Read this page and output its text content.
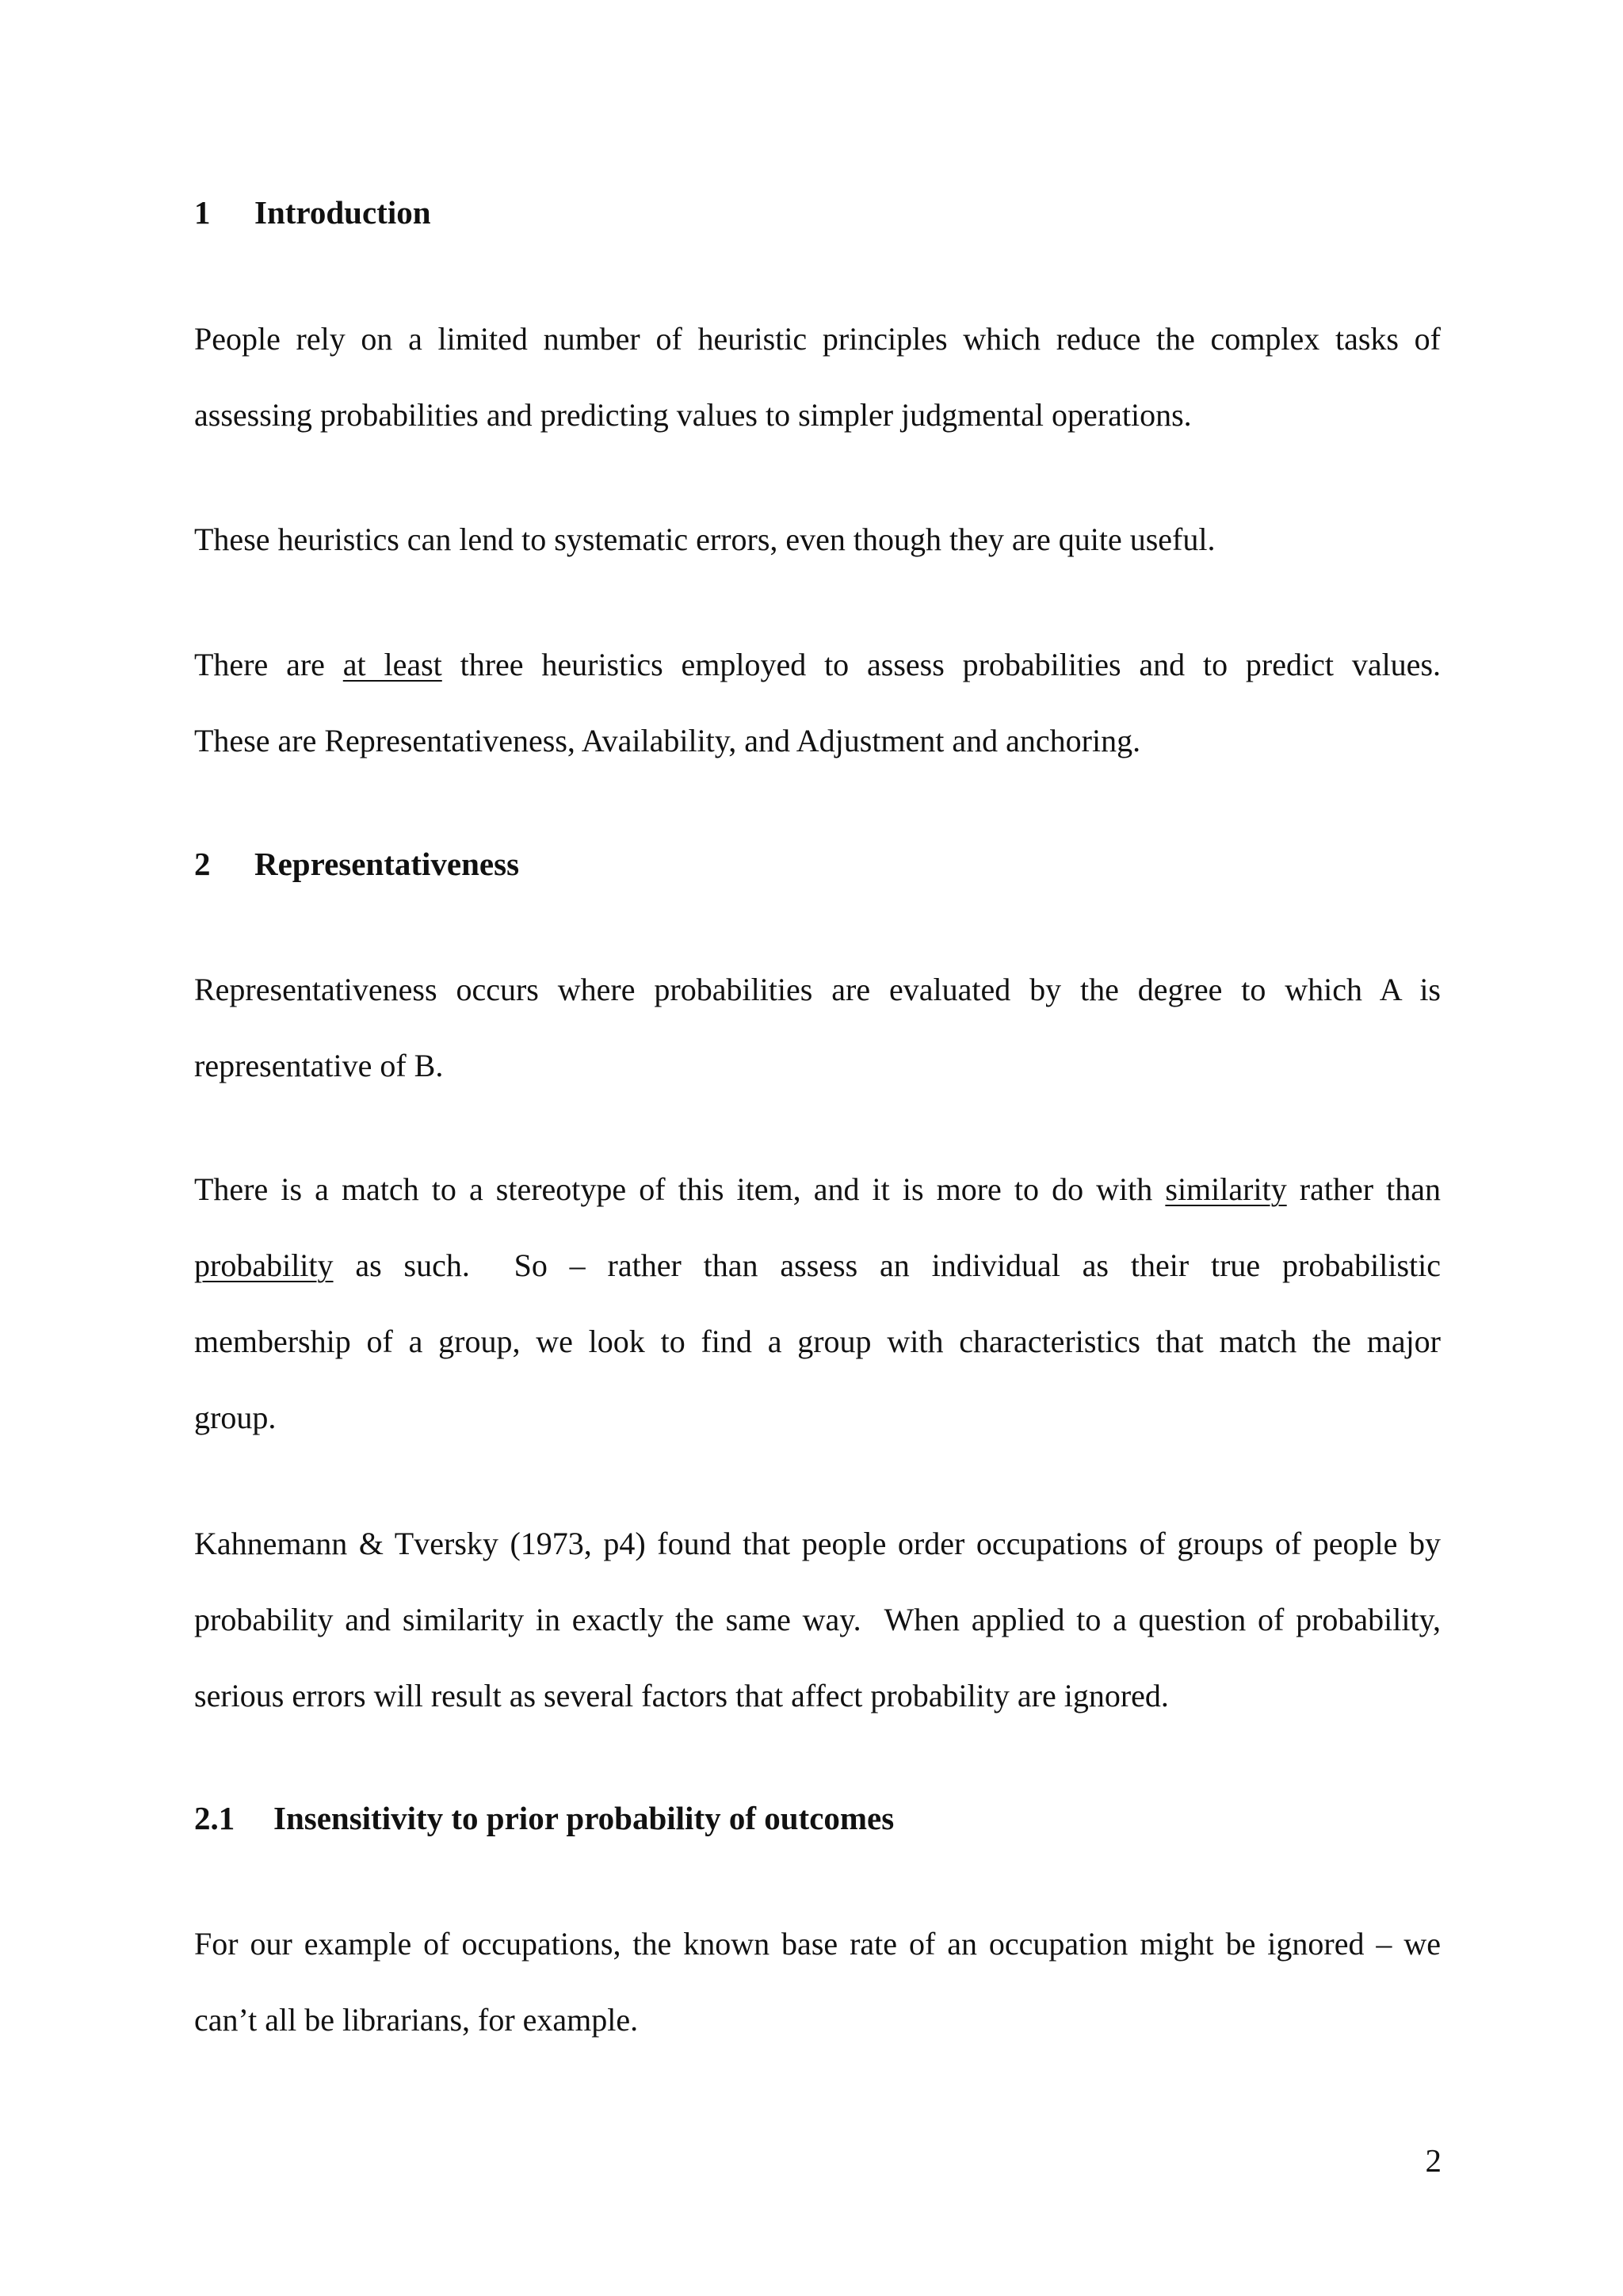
1 Introduction
People rely on a limited number of heuristic principles which reduce the complex tasks of
assessing probabilities and predicting values to simpler judgmental operations.
These heuristics can lend to systematic errors, even though they are quite useful.
There are at least three heuristics employed to assess probabilities and to predict values.
These are Representativeness, Availability, and Adjustment and anchoring.
2 Representativeness
Representativeness occurs where probabilities are evaluated by the degree to which A is
representative of B.
There is a match to a stereotype of this item, and it is more to do with similarity rather than
probability as such.  So – rather than assess an individual as their true probabilistic
membership of a group, we look to find a group with characteristics that match the major
group.
Kahnemann & Tversky (1973, p4) found that people order occupations of groups of people by
probability and similarity in exactly the same way.  When applied to a question of probability,
serious errors will result as several factors that affect probability are ignored.
2.1 Insensitivity to prior probability of outcomes
For our example of occupations, the known base rate of an occupation might be ignored – we
can’t all be librarians, for example.
2
